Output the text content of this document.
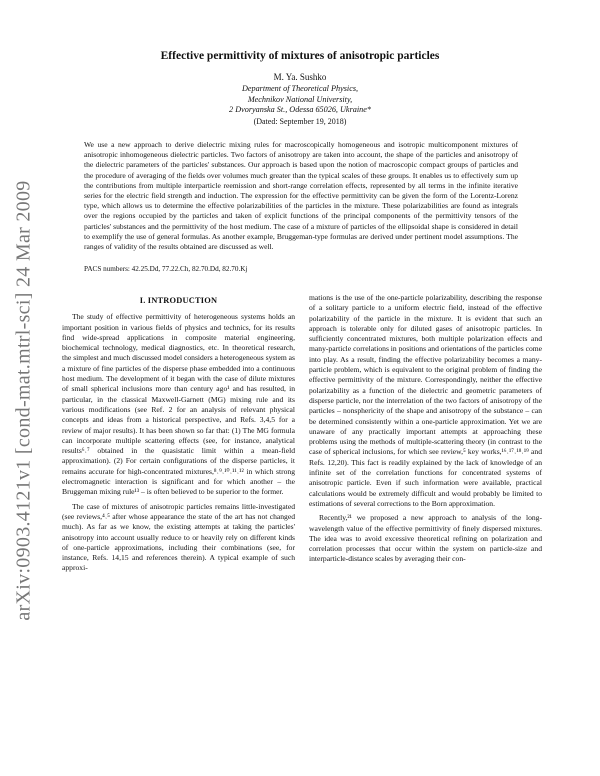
arXiv:0903.4121v1 [cond-mat.mtrl-sci] 24 Mar 2009
Effective permittivity of mixtures of anisotropic particles
M. Ya. Sushko
Department of Theoretical Physics,
Mechnikov National University,
2 Dvoryanska St., Odessa 65026, Ukraine*
(Dated: September 19, 2018)

We use a new approach to derive dielectric mixing rules for macroscopically homogeneous and isotropic multicomponent mixtures of anisotropic inhomogeneous dielectric particles. Two factors of anisotropy are taken into account, the shape of the particles and anisotropy of the dielectric parameters of the particles' substances. Our approach is based upon the notion of macroscopic compact groups of particles and the procedure of averaging of the fields over volumes much greater than the typical scales of these groups. It enables us to effectively sum up the contributions from multiple interparticle reemission and short-range correlation effects, represented by all terms in the infinite iterative series for the electric field strength and induction. The expression for the effective permittivity can be given the form of the Lorentz-Lorenz type, which allows us to determine the effective polarizabilities of the particles in the mixture. These polarizabilities are found as integrals over the regions occupied by the particles and taken of explicit functions of the principal components of the permittivity tensors of the particles' substances and the permittivity of the host medium. The case of a mixture of particles of the ellipsoidal shape is considered in detail to exemplify the use of general formulas. As another example, Bruggeman-type formulas are derived under pertinent model assumptions. The ranges of validity of the results obtained are discussed as well.

PACS numbers: 42.25.Dd, 77.22.Ch, 82.70.Dd, 82.70.Kj
I. INTRODUCTION

The study of effective permittivity of heterogeneous systems holds an important position in various fields of physics and technics, for its results find wide-spread applications in composite material engineering, biochemical technology, medical diagnostics, etc. In theoretical research, the simplest and much discussed model considers a heterogeneous system as a mixture of fine particles of the disperse phase embedded into a continuous host medium. The development of it began with the case of dilute mixtures of small spherical inclusions more than century ago¹ and has resulted, in particular, in the classical Maxwell-Garnett (MG) mixing rule and its various modifications (see Ref. 2 for an analysis of relevant physical concepts and ideas from a historical perspective, and Refs. 3,4,5 for a review of major results). It has been shown so far that: (1) The MG formula can incorporate multiple scattering effects (see, for instance, analytical results⁶˒⁷ obtained in the quasistatic limit within a mean-field approximation). (2) For certain configurations of the disperse particles, it remains accurate for high-concentrated mixtures,⁸˒⁹˒¹⁰˒¹¹˒¹² in which strong electromagnetic interaction is significant and for which another – the Bruggeman mixing rule¹³ – is often believed to be superior to the former.

The case of mixtures of anisotropic particles remains little-investigated (see reviews,⁴˒⁵ after whose appearance the state of the art has not changed much). As far as we know, the existing attempts at taking the particles' anisotropy into account usually reduce to or heavily rely on different kinds of one-particle approximations, including their combinations (see, for instance, Refs. 14,15 and references therein). A typical example of such approxi-

mations is the use of the one-particle polarizability, describing the response of a solitary particle to a uniform electric field, instead of the effective polarizability of the particle in the mixture. It is evident that such an approach is tolerable only for diluted gases of anisotropic particles. In sufficiently concentrated mixtures, both multiple polarization effects and many-particle correlations in positions and orientations of the particles come into play. As a result, finding the effective polarizability becomes a many-particle problem, which is equivalent to the original problem of finding the effective permittivity of the mixture. Correspondingly, neither the effective polarizability as a function of the dielectric and geometric parameters of disperse particle, nor the interrelation of the two factors of anisotropy of the particles – nonsphericity of the shape and anisotropy of the substance – can be determined consistently within a one-particle approximation. Yet we are unaware of any practically important attempts at approaching these problems using the methods of multiple-scattering theory (in contrast to the case of spherical inclusions, for which see review,⁵ key works,¹⁶˒¹⁷˒¹⁸˒¹⁹ and Refs. 12,20). This fact is readily explained by the lack of knowledge of an infinite set of the correlation functions for concentrated systems of anisotropic particle. Even if such information were available, practical calculations would be extremely difficult and would probably be limited to estimations of several corrections to the Born approximation.

Recently,²¹ we proposed a new approach to analysis of the long-wavelength value of the effective permittivity of finely dispersed mixtures. The idea was to avoid excessive theoretical refining on polarization and correlation processes that occur within the system on particle-size and interparticle-distance scales by averaging their con-
